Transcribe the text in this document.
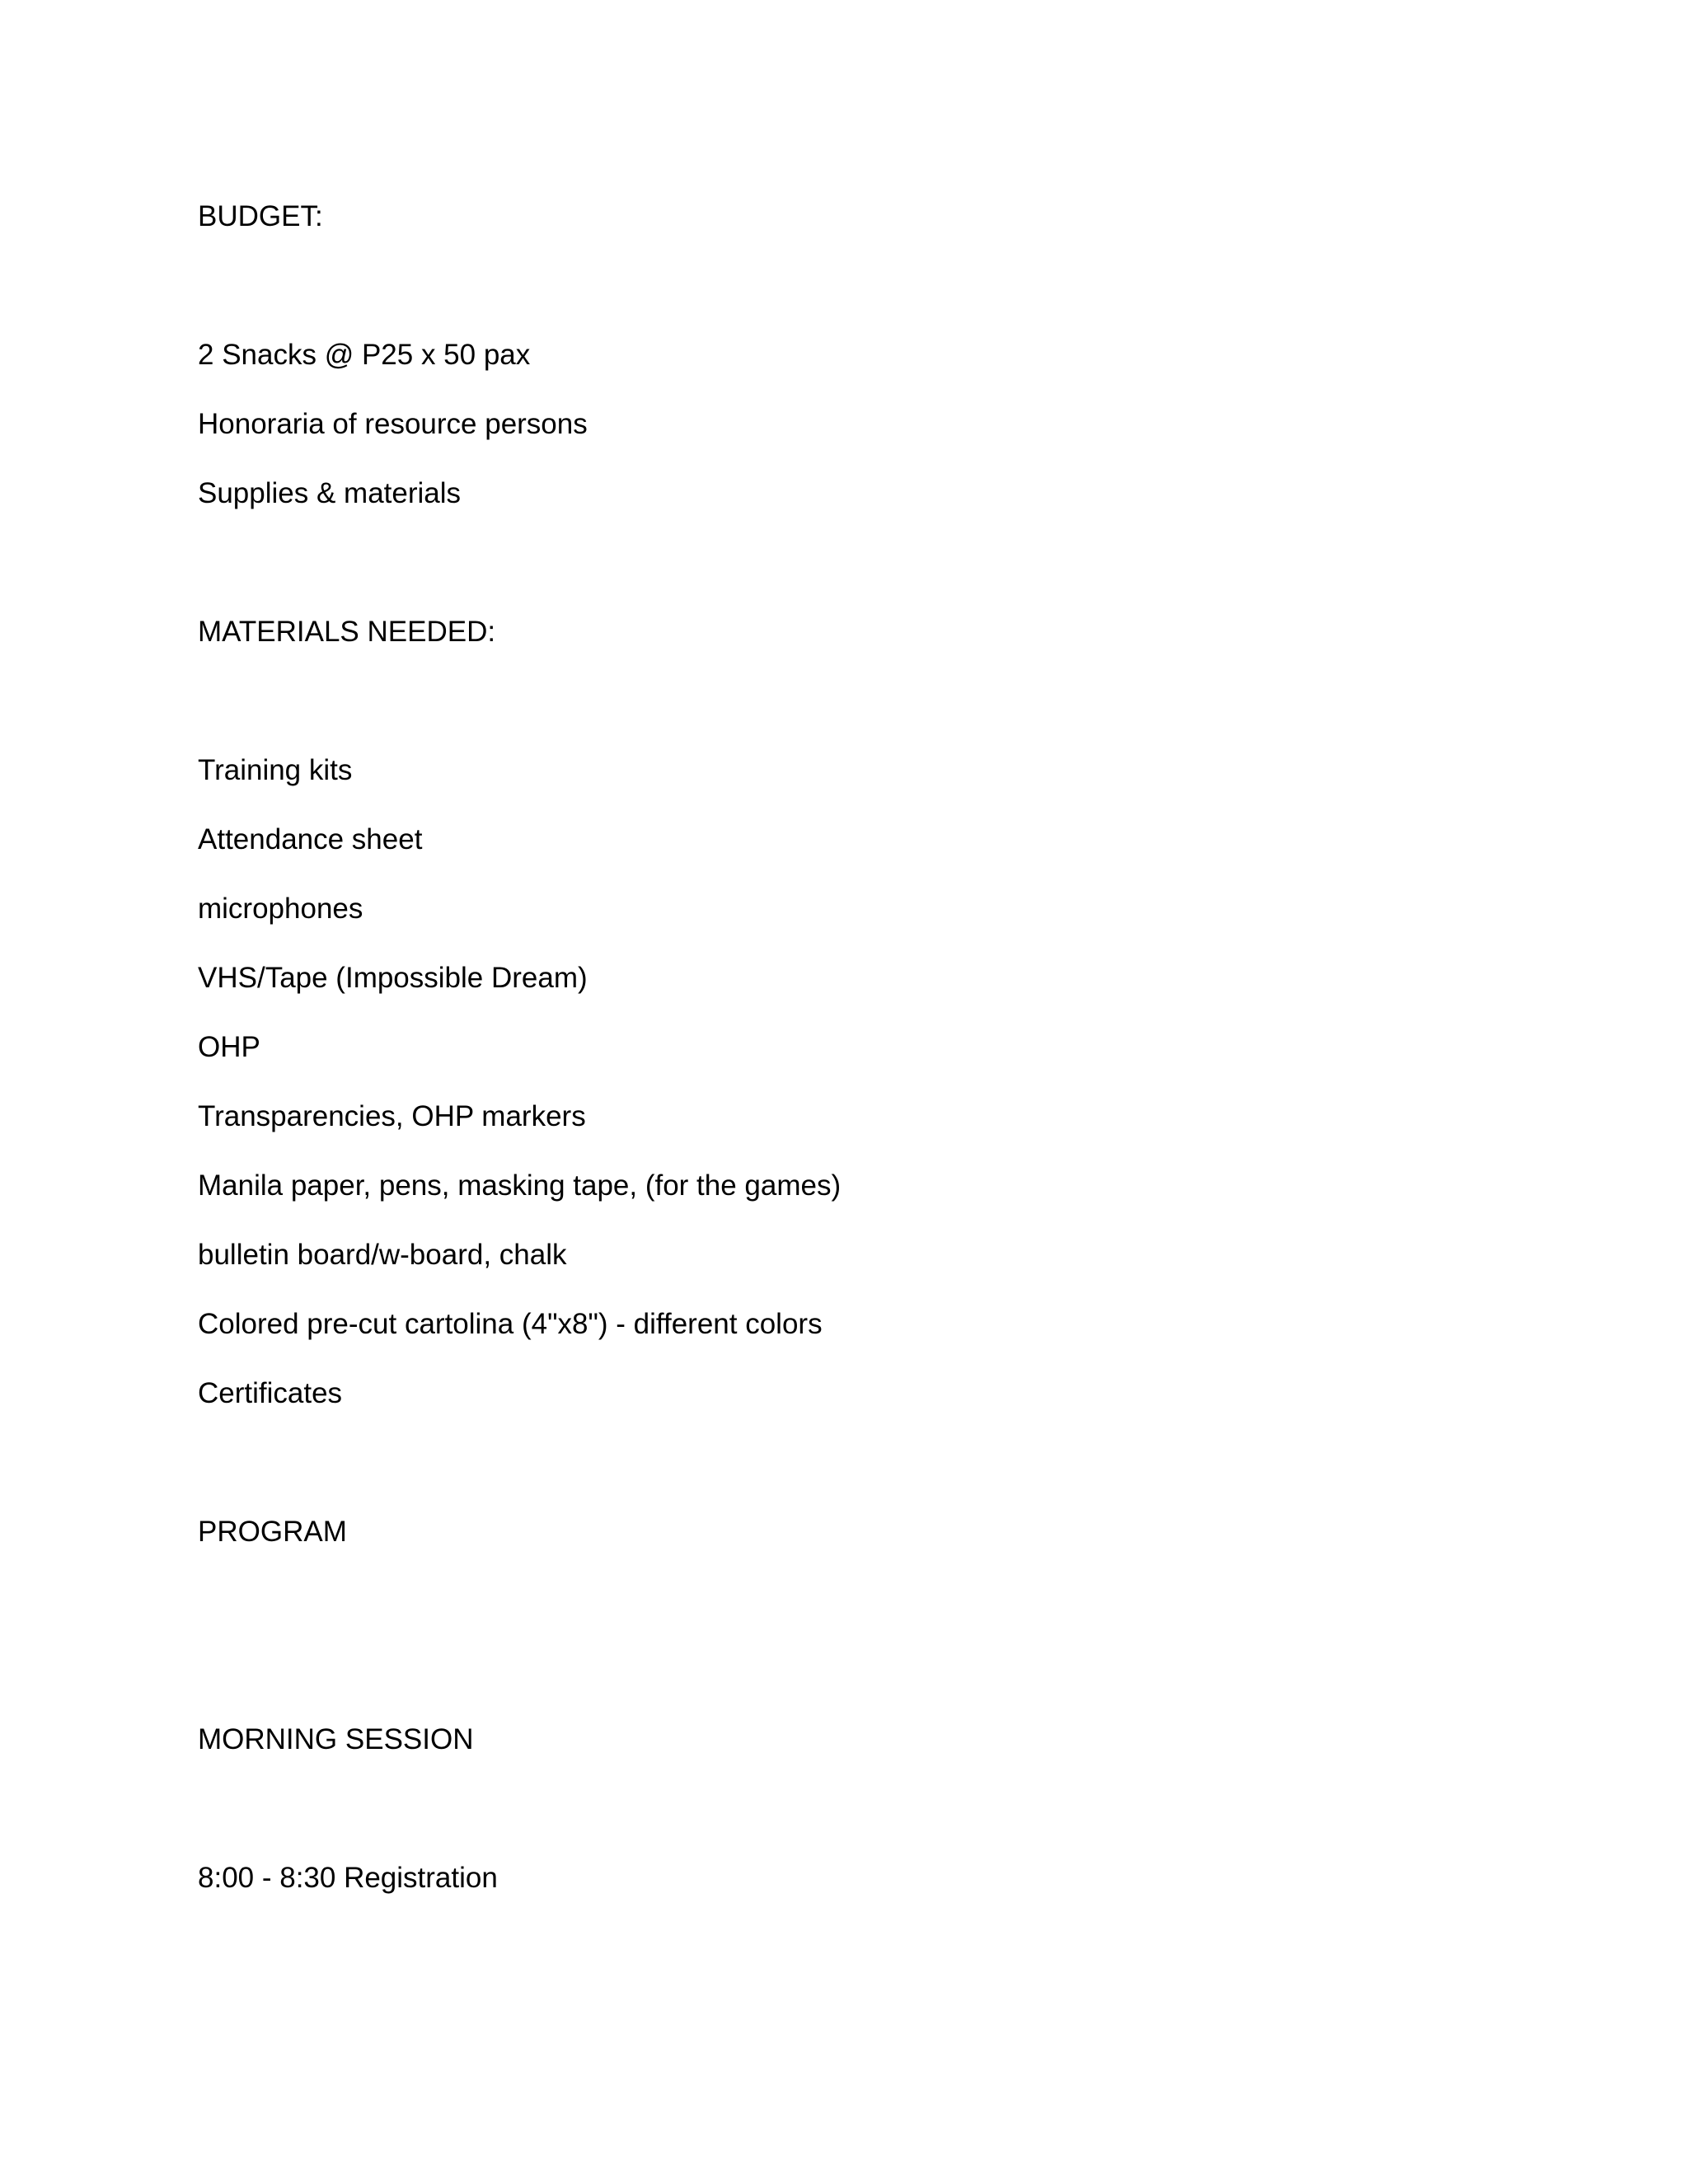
BUDGET:
2 Snacks @ P25 x 50 pax
Honoraria of resource persons
Supplies & materials
MATERIALS NEEDED:
Training kits
Attendance sheet
microphones
VHS/Tape (Impossible Dream)
OHP
Transparencies, OHP markers
Manila paper, pens, masking tape, (for the games)
bulletin board/w-board, chalk
Colored pre-cut cartolina (4"x8") - different colors
Certificates
PROGRAM
MORNING SESSION
8:00 - 8:30 Registration
